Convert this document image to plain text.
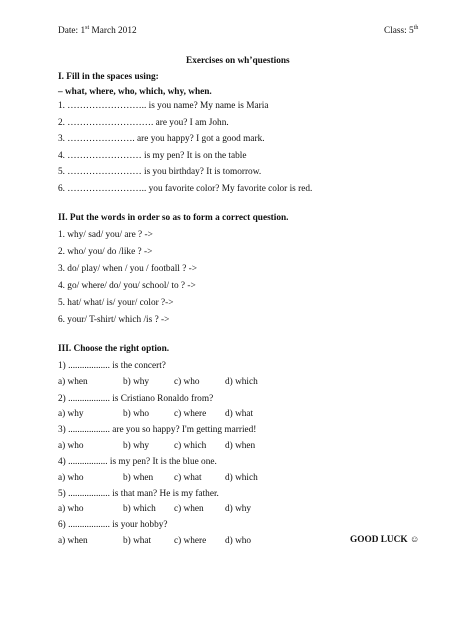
Date: 1st March 2012	Class: 5th
Exercises on wh’questions
I. Fill in the spaces using:
– what, where, who, which, why, when.
1. …………………….. is you name? My name is Maria
2. ………………………. are you? I am John.
3. …………………. are you happy? I got a good mark.
4. …………………… is my pen? It is on the table
5. …………………… is you birthday? It is tomorrow.
6. …………………….. you favorite color? My favorite color is red.
II. Put the words in order so as to form a correct question.
1. why/ sad/ you/ are ? ->
2. who/ you/ do /like ? ->
3. do/ play/ when / you / football ? ->
4. go/ where/ do/ you/ school/ to ? ->
5. hat/ what/ is/ your/ color ?->
6. your/ T-shirt/ which /is ? ->
III. Choose the right option.
1) .................. is the concert?
a) when	b) why	c) who	d) which
2) .................. is Cristiano Ronaldo from?
a) why	b) who	c) where d) what
3) .................. are you so happy? I'm getting married!
a) who	b) why	c) which d) when
4) ................. is my pen? It is the blue one.
a) who	b) when c) what	d) which
5) .................. is that man? He is my father.
a) who	b) which c) when d) why
6) .................. is your hobby?
a) when	b) what c) where d) who	GOOD LUCK ☺
